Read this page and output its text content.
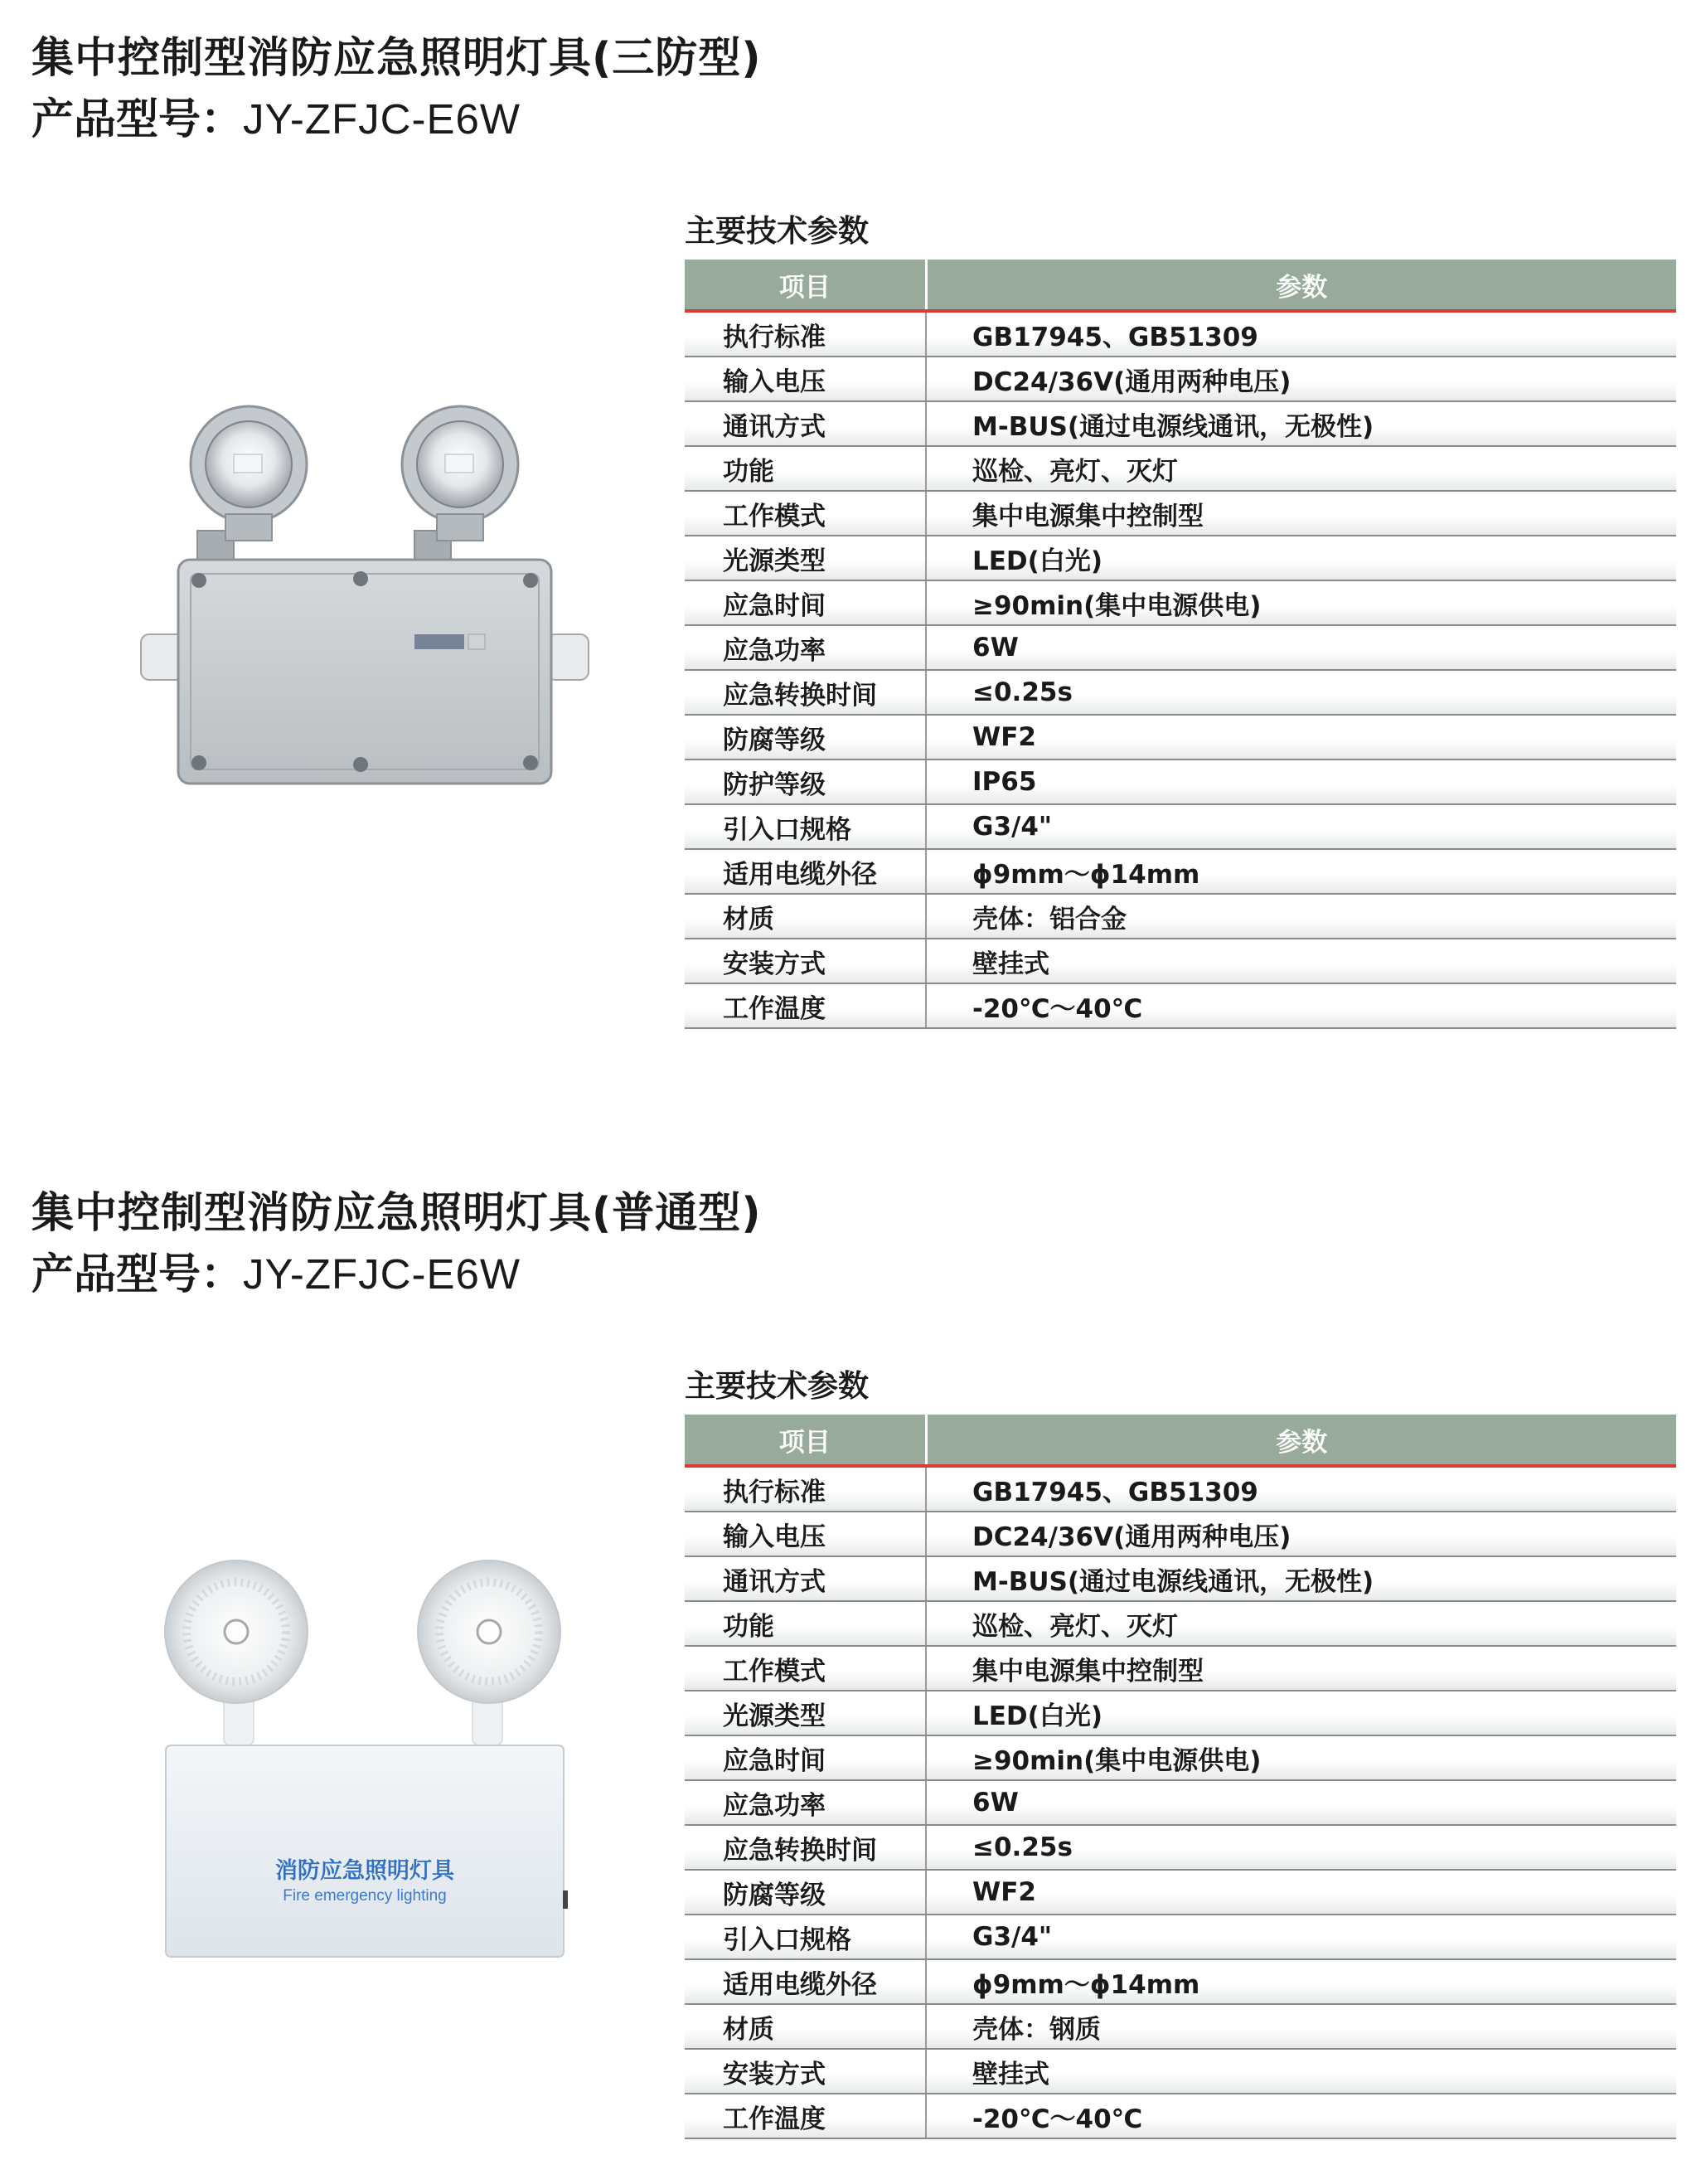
集中控制型消防应急照明灯具(三防型)
产品型号：JY-ZFJC-E6W
主要技术参数
项目	参数
执行标准	GB17945、GB51309
输入电压	DC24/36V(通用两种电压)
通讯方式	M-BUS(通过电源线通讯，无极性)
功能	巡检、亮灯、灭灯
工作模式	集中电源集中控制型
光源类型	LED(白光)
应急时间	≥90min(集中电源供电)
应急功率	6W
应急转换时间	≤0.25s
防腐等级	WF2
防护等级	IP65
引入口规格	G3/4"
适用电缆外径	ϕ9mm～ϕ14mm
材质	壳体：铝合金
安装方式	壁挂式
工作温度	-20℃～40℃
集中控制型消防应急照明灯具(普通型)
产品型号：JY-ZFJC-E6W
主要技术参数
项目	参数
执行标准	GB17945、GB51309
输入电压	DC24/36V(通用两种电压)
通讯方式	M-BUS(通过电源线通讯，无极性)
功能	巡检、亮灯、灭灯
工作模式	集中电源集中控制型
光源类型	LED(白光)
应急时间	≥90min(集中电源供电)
应急功率	6W
应急转换时间	≤0.25s
防腐等级	WF2
引入口规格	G3/4"
适用电缆外径	ϕ9mm～ϕ14mm
材质	壳体：钢质
安装方式	壁挂式
工作温度	-20℃～40℃
消防应急照明灯具
Fire emergency lighting
